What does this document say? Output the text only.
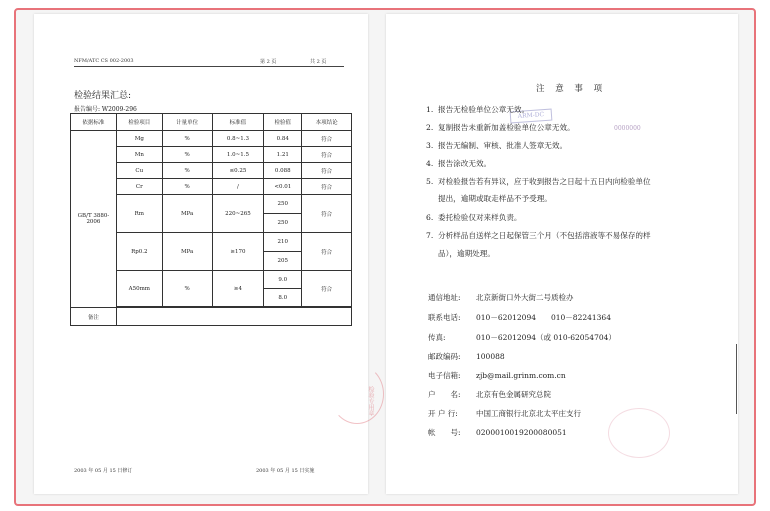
NFM/ATC CS 002-2003	第 2 页	共 2 页
检验结果汇总:
报告编号: W2009-296
依据标准	检验项目	计量单位	标准值	检验值	本项结论
GB/T 3880-2006	Mg	%	0.8~1.3	0.84	符合
	Mn	%	1.0~1.5	1.21	符合
	Cu	%	≤0.25	0.088	符合
	Cr	%	/	<0.01	符合
	Rm	MPa	220~265	250	符合
				250	
	Rp0.2	MPa	≥170	210	符合
				205	
	A50mm	%	≥4	9.0	符合
				8.0	

备注					
检验专用章
2003 年 05 月 15 日修订	2003 年 05 月 15 日实施
注 意 事 项
ARM-DC
0000000
1. 报告无检验单位公章无效。
2. 复制报告未重新加盖检验单位公章无效。
3. 报告无编制、审核、批准人签章无效。
4. 报告涂改无效。
5. 对检验报告若有异议，应于收到报告之日起十五日内向检验单位
提出，逾期或取走样品不予受理。
6. 委托检验仅对来样负责。
7. 分析样品自送样之日起保管三个月（不包括溶液等不易保存的样
品），逾期处理。
通信地址: 北京新街口外大街二号质检办
联系电话: 010－62012094　　010－82241364
传真:	010－62012094（或 010-62054704）
邮政编码: 100088
电子信箱: zjb@mail.grinm.com.cn
户　　名: 北京有色金属研究总院
开 户 行: 中国工商银行北京北太平庄支行
帐　　号: 0200010019200080051
